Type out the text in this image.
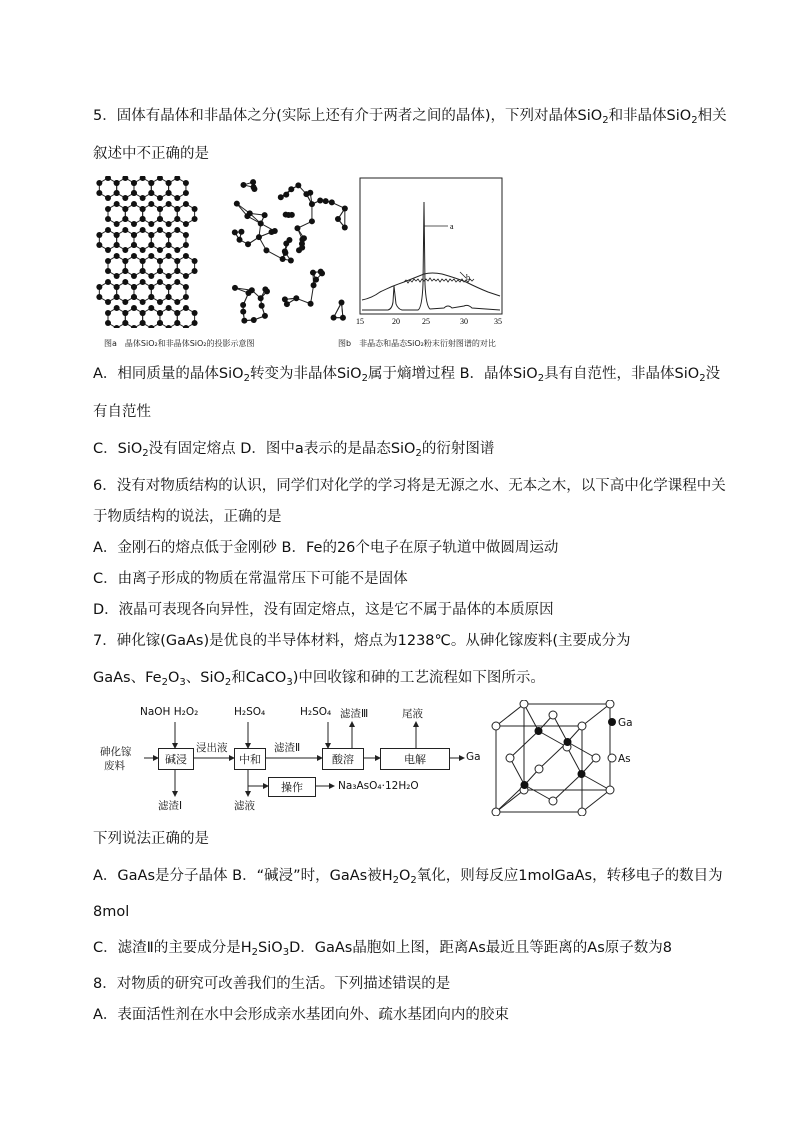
5．固体有晶体和非晶体之分(实际上还有介于两者之间的晶体)，下列对晶体SiO$_2$和非晶体SiO$_2$相关
叙述中不正确的是
a
b
15	20	25	30	35
图a　晶体SiO₂和非晶体SiO₂的投影示意图	图b　非晶态和晶态SiO₂粉末衍射图谱的对比
A．相同质量的晶体SiO$_2$转变为非晶体SiO$_2$属于熵增过程 B．晶体SiO$_2$具有自范性，非晶体SiO$_2$没
有自范性
C．SiO$_2$没有固定熔点 D．图中a表示的是晶态SiO$_2$的衍射图谱
6．没有对物质结构的认识，同学们对化学的学习将是无源之水、无本之木，以下高中化学课程中关
于物质结构的说法，正确的是
A．金刚石的熔点低于金刚砂 B．Fe的26个电子在原子轨道中做圆周运动
C．由离子形成的物质在常温常压下可能不是固体
D．液晶可表现各向异性，没有固定熔点，这是它不属于晶体的本质原因
7．砷化镓(GaAs)是优良的半导体材料，熔点为1238℃。从砷化镓废料(主要成分为
GaAs、$Fe_2O_3$、SiO$_2$和CaCO$_3$)中回收镓和砷的工艺流程如下图所示。
NaOH H₂O₂	H₂SO₄	H₂SO₄ 滤渣Ⅲ	尾液
砷化镓
废料	碱浸
浸出液
中和
滤渣Ⅱ
酸溶	电解	Ga
滤渣Ⅰ	滤液
操作	Na₃AsO₄·12H₂O
Ga
As
下列说法正确的是
A．GaAs是分子晶体 B．“碱浸”时，GaAs被$H_2O_2$氧化，则每反应1molGaAs，转移电子的数目为
8mol
C．滤渣Ⅱ的主要成分是$H_2SiO_3D$．GaAs晶胞如上图，距离As最近且等距离的As原子数为8
8．对物质的研究可改善我们的生活。下列描述错误的是
A．表面活性剂在水中会形成亲水基团向外、疏水基团向内的胶束
